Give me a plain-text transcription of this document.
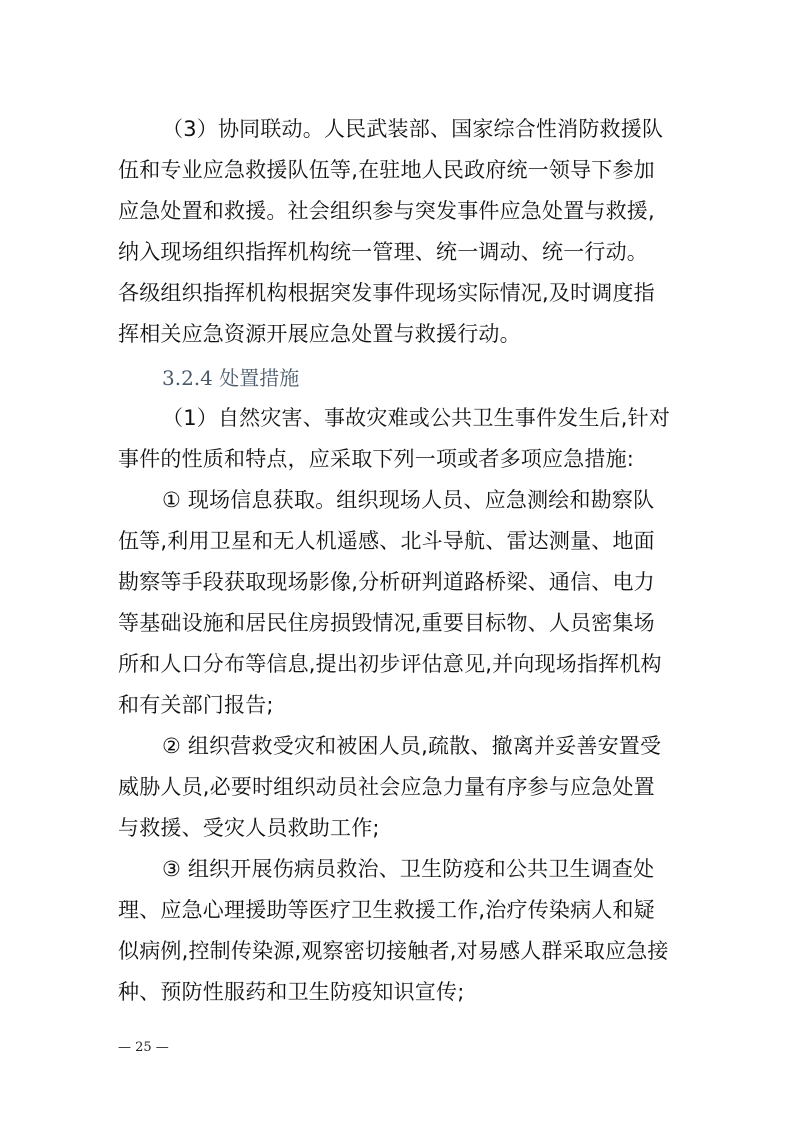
（3）协同联动。人民武装部、国家综合性消防救援队
伍和专业应急救援队伍等,在驻地人民政府统一领导下参加
应急处置和救援。社会组织参与突发事件应急处置与救援,
纳入现场组织指挥机构统一管理、统一调动、统一行动。
各级组织指挥机构根据突发事件现场实际情况,及时调度指
挥相关应急资源开展应急处置与救援行动。
3.2.4 处置措施
（1）自然灾害、事故灾难或公共卫生事件发生后,针对
事件的性质和特点，应采取下列一项或者多项应急措施:
① 现场信息获取。组织现场人员、应急测绘和勘察队
伍等,利用卫星和无人机遥感、北斗导航、雷达测量、地面
勘察等手段获取现场影像,分析研判道路桥梁、通信、电力
等基础设施和居民住房损毁情况,重要目标物、人员密集场
所和人口分布等信息,提出初步评估意见,并向现场指挥机构
和有关部门报告;
② 组织营救受灾和被困人员,疏散、撤离并妥善安置受
威胁人员,必要时组织动员社会应急力量有序参与应急处置
与救援、受灾人员救助工作;
③ 组织开展伤病员救治、卫生防疫和公共卫生调查处
理、应急心理援助等医疗卫生救援工作,治疗传染病人和疑
似病例,控制传染源,观察密切接触者,对易感人群采取应急接
种、预防性服药和卫生防疫知识宣传;
— 25 —
